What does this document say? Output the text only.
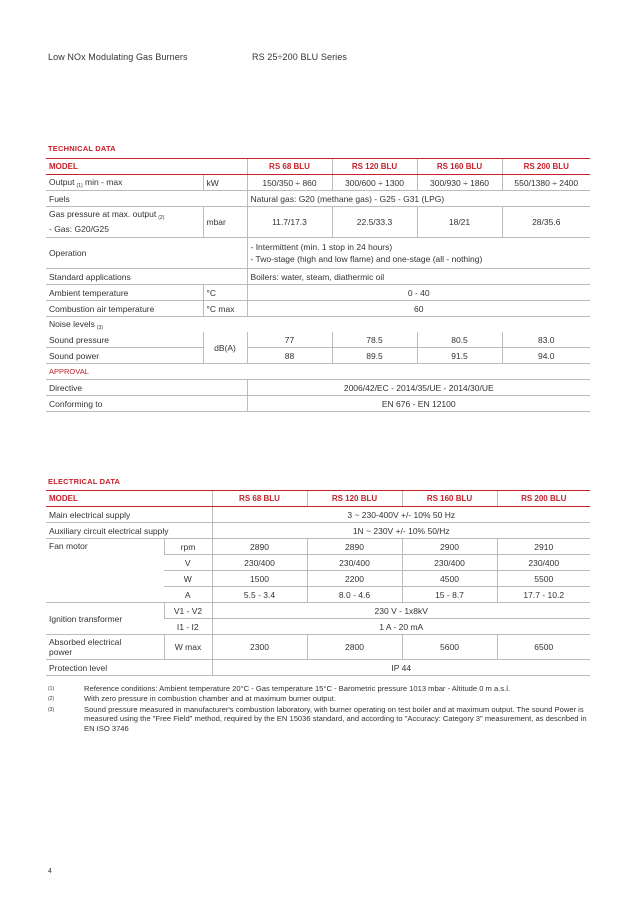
Low NOx Modulating Gas Burners	RS 25÷200 BLU Series
TECHNICAL DATA
MODEL		RS 68 BLU	RS 120 BLU	RS 160 BLU	RS 200 BLU
Output $_{(1)}$ min - max	kW	150/350 ÷ 860	300/600 ÷ 1300	300/930 ÷ 1860	550/1380 ÷ 2400
Fuels		Natural gas: G20 (methane gas) - G25 - G31 (LPG)			
Gas pressure at max. output $_{(2)}$
- Gas: G20/G25	mbar	11.7/17.3	22.5/33.3	18/21	28/35.6
Operation		- Intermittent (min. 1 stop in 24 hours)
- Two-stage (high and low flame) and one-stage (all - nothing)			
Standard applications		Boilers: water, steam, diathermic oil			
Ambient temperature	°C	0 - 40			
Combustion air temperature	°C max	60			
Noise levels $_{(3)}$
Sound pressure	dB(A)	77	78.5	80.5	83.0
Sound power		88	89.5	91.5	94.0
APPROVAL					
Directive		2006/42/EC - 2014/35/UE - 2014/30/UE			
Conforming to		EN 676 - EN 12100			
ELECTRICAL DATA
MODEL		RS 68 BLU	RS 120 BLU	RS 160 BLU	RS 200 BLU
Main electrical supply		3 ~ 230-400V +/- 10% 50 Hz			
Auxiliary circuit electrical supply		1N ~ 230V +/- 10% 50/Hz			
Fan motor	rpm	2890	2890	2900	2910
	V	230/400	230/400	230/400	230/400
	W	1500	2200	4500	5500
	A	5.5 - 3.4	8.0 - 4.6	15 - 8.7	17.7 - 10.2
Ignition transformer	V1 - V2	230 V - 1x8kV			
	I1 - I2	1 A - 20 mA			
Absorbed electrical
power	W max	2300	2800	5600	6500
Protection level		IP 44			
(1)	Reference conditions: Ambient temperature 20°C - Gas temperature 15°C - Barometric pressure 1013 mbar - Altitude 0 m a.s.l.
(2)	With zero pressure in combustion chamber and at maximum burner output.
(3)	Sound pressure measured in manufacturer's combustion laboratory, with burner operating on test boiler and at maximum output. The sound Power is measured using the "Free Field" method, required by the EN 15036 standard, and according to "Accuracy: Category 3" measurement, as described in EN ISO 3746
4
